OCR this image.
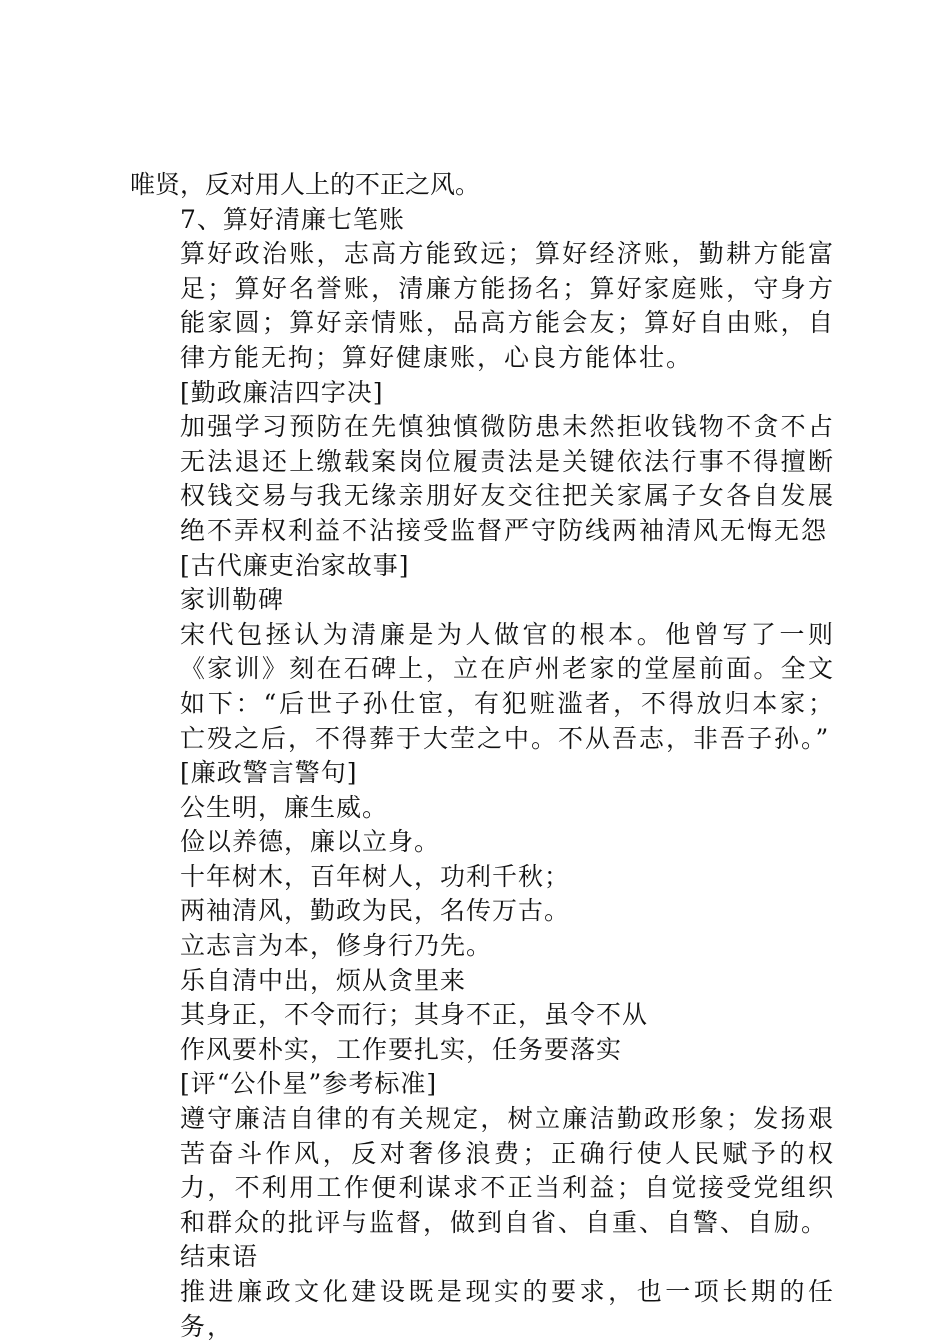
唯贤，反对用人上的不正之风。
7、算好清廉七笔账

算好政治账，志高方能致远；算好经济账，勤耕方能富足；算好名誉账，清廉方能扬名；算好家庭账，守身方能家圆；算好亲情账，品高方能会友；算好自由账，自律方能无拘；算好健康账，心良方能体壮。

[勤政廉洁四字决]

加强学习预防在先慎独慎微防患未然拒收钱物不贪不占无法退还上缴载案岗位履责法是关键依法行事不得擅断权钱交易与我无缘亲朋好友交往把关家属子女各自发展绝不弄权利益不沾接受监督严守防线两袖清风无悔无怨

[古代廉吏治家故事]
家训勒碑

宋代包拯认为清廉是为人做官的根本。他曾写了一则《家训》刻在石碑上，立在庐州老家的堂屋前面。全文如下：“后世子孙仕宦，有犯赃滥者，不得放归本家；亡殁之后，不得葬于大茔之中。不从吾志，非吾子孙。”

[廉政警言警句]
公生明，廉生威。
俭以养德，廉以立身。
十年树木，百年树人，功利千秋；
两袖清风，勤政为民，名传万古。
立志言为本，修身行乃先。
乐自清中出，烦从贪里来
其身正，不令而行；其身不正，虽令不从
作风要朴实，工作要扎实，任务要落实
[评“公仆星”参考标准]

遵守廉洁自律的有关规定，树立廉洁勤政形象；发扬艰苦奋斗作风，反对奢侈浪费；正确行使人民赋予的权力，不利用工作便利谋求不正当利益；自觉接受党组织和群众的批评与监督，做到自省、自重、自警、自励。

结束语

推进廉政文化建设既是现实的要求，也一项长期的任务，
